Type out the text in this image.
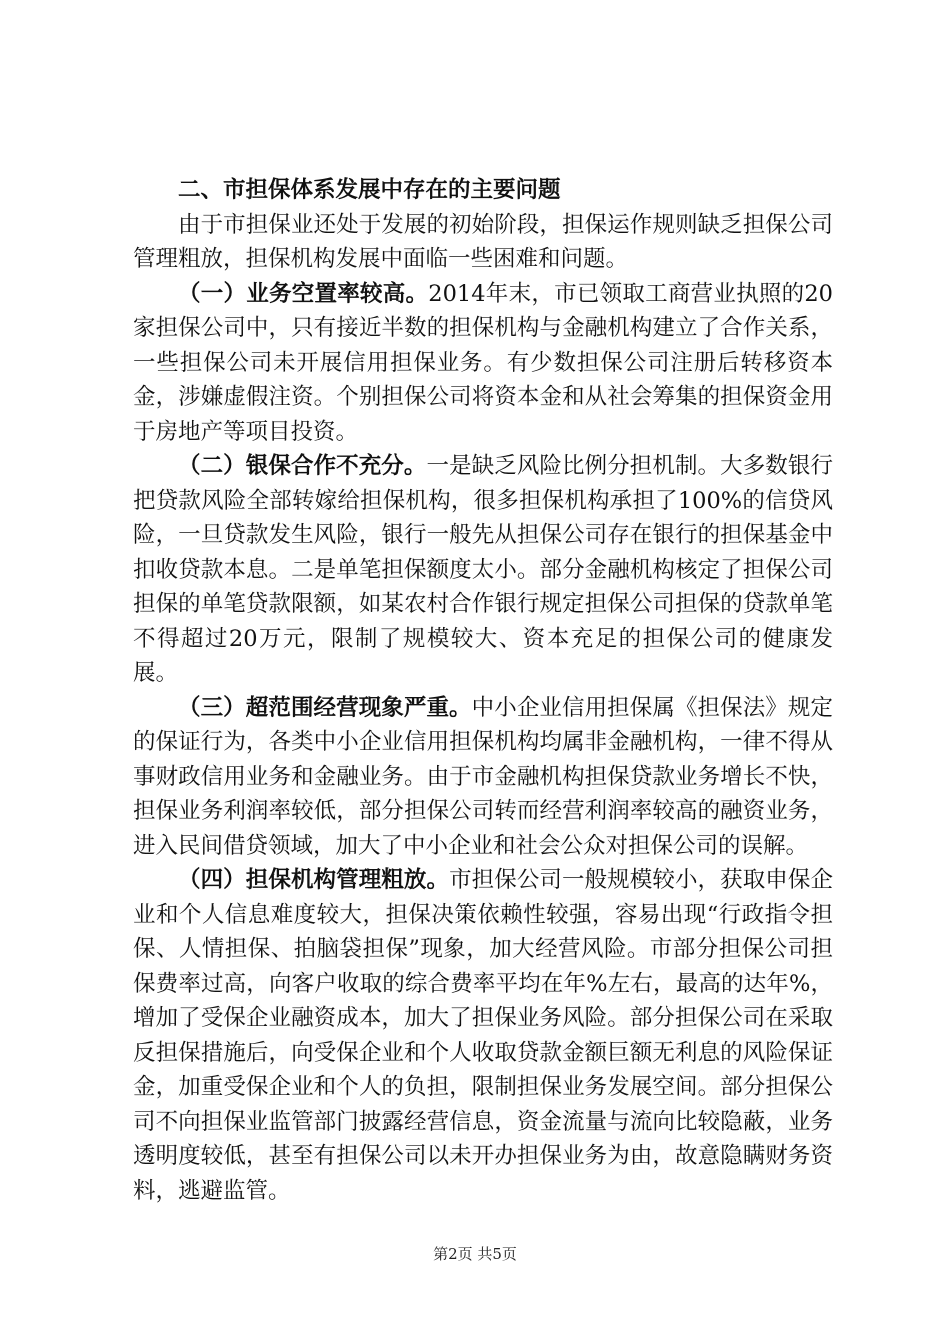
二、市担保体系发展中存在的主要问题

由于市担保业还处于发展的初始阶段，担保运作规则缺乏担保公司管理粗放，担保机构发展中面临一些困难和问题。

（一）业务空置率较高。2014年末，市已领取工商营业执照的20家担保公司中，只有接近半数的担保机构与金融机构建立了合作关系，一些担保公司未开展信用担保业务。有少数担保公司注册后转移资本金，涉嫌虚假注资。个别担保公司将资本金和从社会筹集的担保资金用于房地产等项目投资。

（二）银保合作不充分。一是缺乏风险比例分担机制。大多数银行把贷款风险全部转嫁给担保机构，很多担保机构承担了100%的信贷风险，一旦贷款发生风险，银行一般先从担保公司存在银行的担保基金中扣收贷款本息。二是单笔担保额度太小。部分金融机构核定了担保公司担保的单笔贷款限额，如某农村合作银行规定担保公司担保的贷款单笔不得超过20万元，限制了规模较大、资本充足的担保公司的健康发展。

（三）超范围经营现象严重。中小企业信用担保属《担保法》规定的保证行为，各类中小企业信用担保机构均属非金融机构，一律不得从事财政信用业务和金融业务。由于市金融机构担保贷款业务增长不快，担保业务利润率较低，部分担保公司转而经营利润率较高的融资业务，进入民间借贷领域，加大了中小企业和社会公众对担保公司的误解。

（四）担保机构管理粗放。市担保公司一般规模较小，获取申保企业和个人信息难度较大，担保决策依赖性较强，容易出现“行政指令担保、人情担保、拍脑袋担保”现象，加大经营风险。市部分担保公司担保费率过高，向客户收取的综合费率平均在年%左右，最高的达年%，增加了受保企业融资成本，加大了担保业务风险。部分担保公司在采取反担保措施后，向受保企业和个人收取贷款金额巨额无利息的风险保证金，加重受保企业和个人的负担，限制担保业务发展空间。部分担保公司不向担保业监管部门披露经营信息，资金流量与流向比较隐蔽，业务透明度较低，甚至有担保公司以未开办担保业务为由，故意隐瞒财务资料，逃避监管。

第2页 共5页
